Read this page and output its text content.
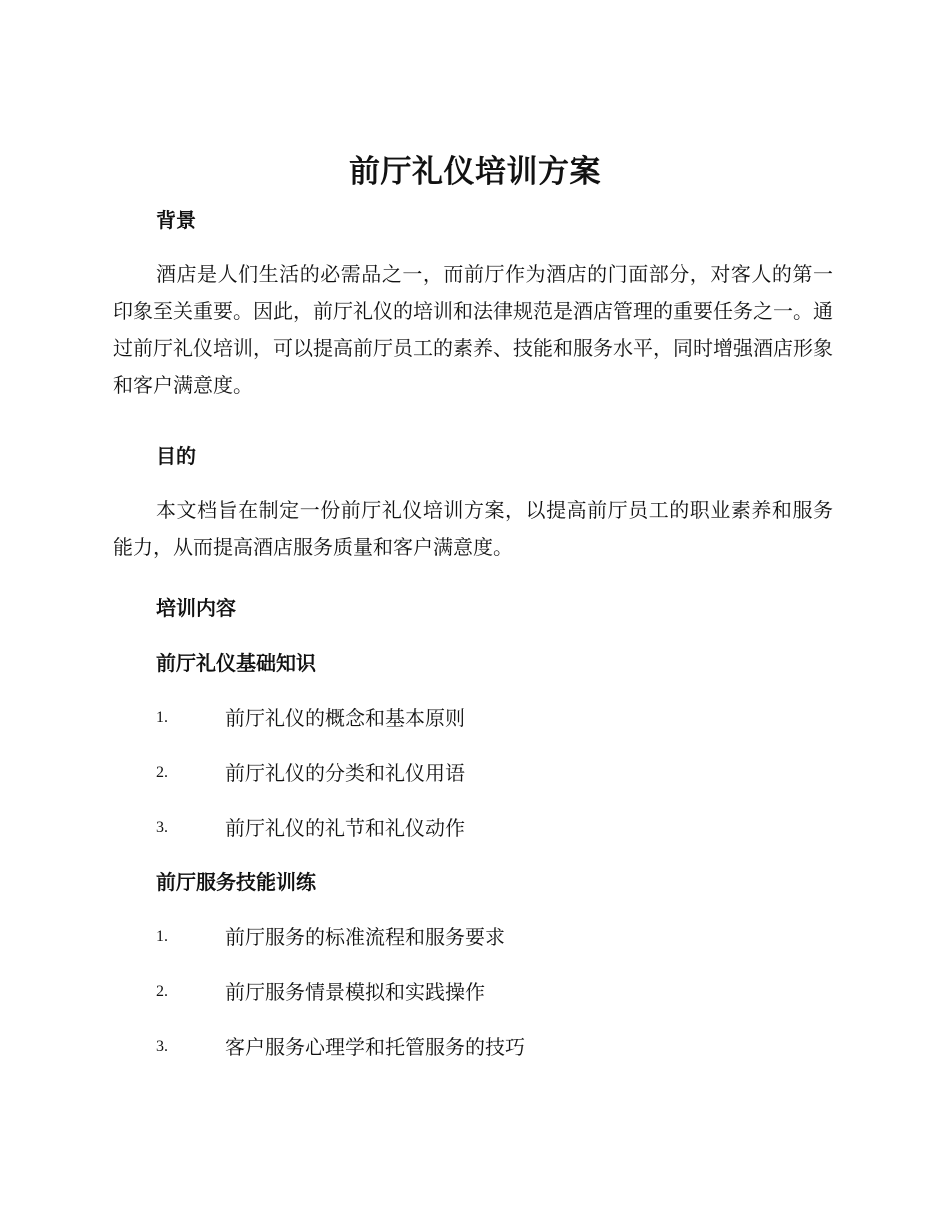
前厅礼仪培训方案
背景

酒店是人们生活的必需品之一，而前厅作为酒店的门面部分，对客人的第一印象至关重要。因此，前厅礼仪的培训和法律规范是酒店管理的重要任务之一。通过前厅礼仪培训，可以提高前厅员工的素养、技能和服务水平，同时增强酒店形象和客户满意度。

目的

本文档旨在制定一份前厅礼仪培训方案，以提高前厅员工的职业素养和服务能力，从而提高酒店服务质量和客户满意度。

培训内容
前厅礼仪基础知识
1.	前厅礼仪的概念和基本原则
2.	前厅礼仪的分类和礼仪用语
3.	前厅礼仪的礼节和礼仪动作
前厅服务技能训练
1.	前厅服务的标准流程和服务要求
2.	前厅服务情景模拟和实践操作
3.	客户服务心理学和托管服务的技巧
